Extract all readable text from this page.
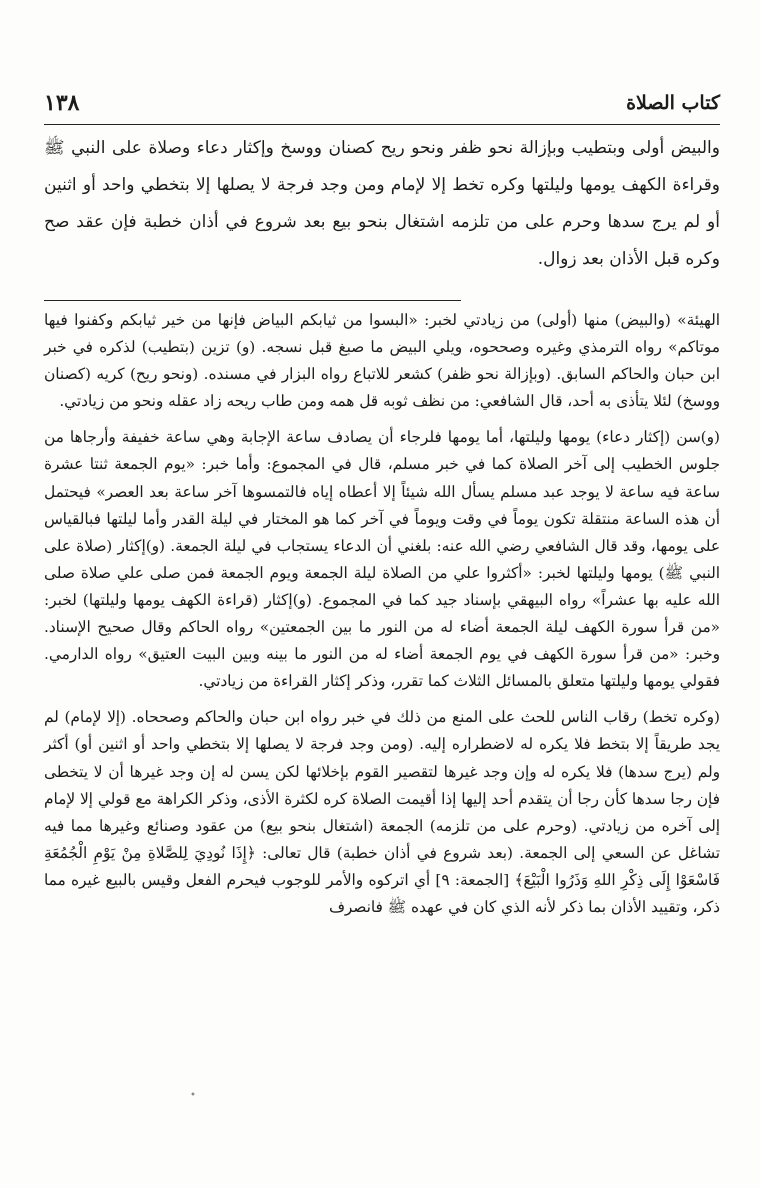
كتاب الصلاة
١٣٨
والبيض أولى وبتطيب وبإزالة نحو ظفر ونحو ريح كصنان ووسخ وإكثار دعاء وصلاة على النبي ﷺ وقراءة الكهف يومها وليلتها وكره تخط إلا لإمام ومن وجد فرجة لا يصلها إلا بتخطي واحد أو اثنين أو لم يرج سدها وحرم على من تلزمه اشتغال بنحو بيع بعد شروع في أذان خطبة فإن عقد صح وكره قبل الأذان بعد زوال.

الهيئة» (والبيض) منها (أولى) من زيادتي لخبر: «البسوا من ثيابكم البياض فإنها من خير ثيابكم وكفنوا فيها موتاكم» رواه الترمذي وغيره وصححوه، ويلي البيض ما صبغ قبل نسجه. (و) تزين (بتطيب) لذكره في خبر ابن حبان والحاكم السابق. (وبإزالة نحو ظفر) كشعر للاتباع رواه البزار في مسنده. (ونحو ريح) كريه (كصنان ووسخ) لئلا يتأذى به أحد، قال الشافعي: من نظف ثوبه قل همه ومن طاب ريحه زاد عقله ونحو من زيادتي.

(و)سن (إكثار دعاء) يومها وليلتها، أما يومها فلرجاء أن يصادف ساعة الإجابة وهي ساعة خفيفة وأرجاها من جلوس الخطيب إلى آخر الصلاة كما في خبر مسلم، قال في المجموع: وأما خبر: «يوم الجمعة ثنتا عشرة ساعة فيه ساعة لا يوجد عبد مسلم يسأل الله شيئاً إلا أعطاه إياه فالتمسوها آخر ساعة بعد العصر» فيحتمل أن هذه الساعة منتقلة تكون يوماً في وقت ويوماً في آخر كما هو المختار في ليلة القدر وأما ليلتها فبالقياس على يومها، وقد قال الشافعي رضي الله عنه: بلغني أن الدعاء يستجاب في ليلة الجمعة. (و)إكثار (صلاة على النبي ﷺ) يومها وليلتها لخبر: «أكثروا علي من الصلاة ليلة الجمعة ويوم الجمعة فمن صلى علي صلاة صلى الله عليه بها عشراً» رواه البيهقي بإسناد جيد كما في المجموع. (و)إكثار (قراءة الكهف يومها وليلتها) لخبر: «من قرأ سورة الكهف ليلة الجمعة أضاء له من النور ما بين الجمعتين» رواه الحاكم وقال صحيح الإسناد. وخبر: «من قرأ سورة الكهف في يوم الجمعة أضاء له من النور ما بينه وبين البيت العتيق» رواه الدارمي. فقولي يومها وليلتها متعلق بالمسائل الثلاث كما تقرر، وذكر إكثار القراءة من زيادتي.

(وكره تخط) رقاب الناس للحث على المنع من ذلك في خبر رواه ابن حبان والحاكم وصححاه. (إلا لإمام) لم يجد طريقاً إلا بتخط فلا يكره له لاضطراره إليه. (ومن وجد فرجة لا يصلها إلا بتخطي واحد أو اثنين أو) أكثر ولم (يرج سدها) فلا يكره له وإن وجد غيرها لتقصير القوم بإخلائها لكن يسن له إن وجد غيرها أن لا يتخطى فإن رجا سدها كأن رجا أن يتقدم أحد إليها إذا أقيمت الصلاة كره لكثرة الأذى، وذكر الكراهة مع قولي إلا لإمام إلى آخره من زيادتي. (وحرم على من تلزمه) الجمعة (اشتغال بنحو بيع) من عقود وصنائع وغيرها مما فيه تشاغل عن السعي إلى الجمعة. (بعد شروع في أذان خطبة) قال تعالى: ﴿إِذَا نُودِيَ لِلصَّلاةِ مِنْ يَوْمِ الْجُمُعَةِ فَاسْعَوْا إِلَى ذِكْرِ اللهِ وَذَرُوا الْبَيْعَ﴾ [الجمعة: ٩] أي اتركوه والأمر للوجوب فيحرم الفعل وقيس بالبيع غيره مما ذكر، وتقييد الأذان بما ذكر لأنه الذي كان في عهده ﷺ فانصرف

•
